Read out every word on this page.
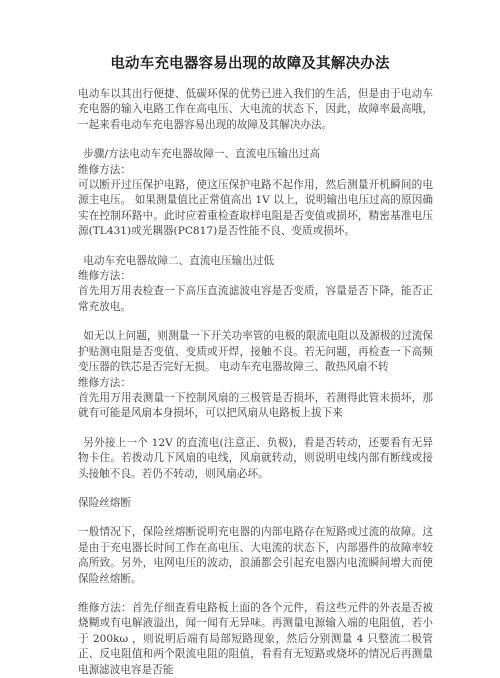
电动车充电器容易出现的故障及其解决办法

电动车以其出行便捷、低碳环保的优势已进入我们的生活，但是由于电动车充电器的输入电路工作在高电压、大电流的状态下，因此，故障率最高哦，一起来看电动车充电器容易出现的故障及其解决办法。

步骤/方法电动车充电器故障一、直流电压输出过高

维修方法：

可以断开过压保护电路，使这压保护电路不起作用，然后测量开机瞬间的电源主电压。 如果测量值比正常值高出 1V 以上，说明输出电压过高的原因确实在控制环路中。此时应着重检查取样电阻是否变值或损坏，精密基准电压源(TL431)或光耦器(PC817)是否性能不良、变质或损坏。

电动车充电器故障二、直流电压输出过低

维修方法：

首先用万用表检查一下高压直流滤波电容是否变质，容量是否下降，能否正常充放电。

如无以上问题，则测量一下开关功率管的电极的限流电阻以及源极的过流保护贴测电阻是否变值、变质或开焊，接触不良。若无问题，再检查一下高频变压器的铁芯是否完好无损。 电动车充电器故障三、散热风扇不转

维修方法：

首先用万用表测量一下控制风扇的三极管是否损坏，若测得此管未损坏，那就有可能是风扇本身损坏，可以把风扇从电路板上拔下来

另外接上一个 12V 的直流电(注意正、负极)，看是否转动，还要看有无异物卡住。若拨动几下风扇的电线，风扇就转动，则说明电线内部有断线或接头接触不良。若仍不转动，则风扇必坏。

保险丝熔断

一般情况下，保险丝熔断说明充电器的内部电路存在短路或过流的故障。这是由于充电器长时间工作在高电压、大电流的状态下，内部器件的故障率较高所致。另外，电网电压的波动，浪涌都会引起充电器内电流瞬间增大而使保险丝熔断。

维修方法：首先仔细查看电路板上面的各个元件，看这些元件的外表是否被烧糊或有电解液溢出，闻一闻有无异味。再测量电源输入端的电阻值，若小于 200kω ，则说明后端有局部短路现象，然后分别测量 4 只整流二极管正、反电阻值和两个限流电阻的阻值，看看有无短路或烧坏的情况后再测量电源滤波电容是否能
